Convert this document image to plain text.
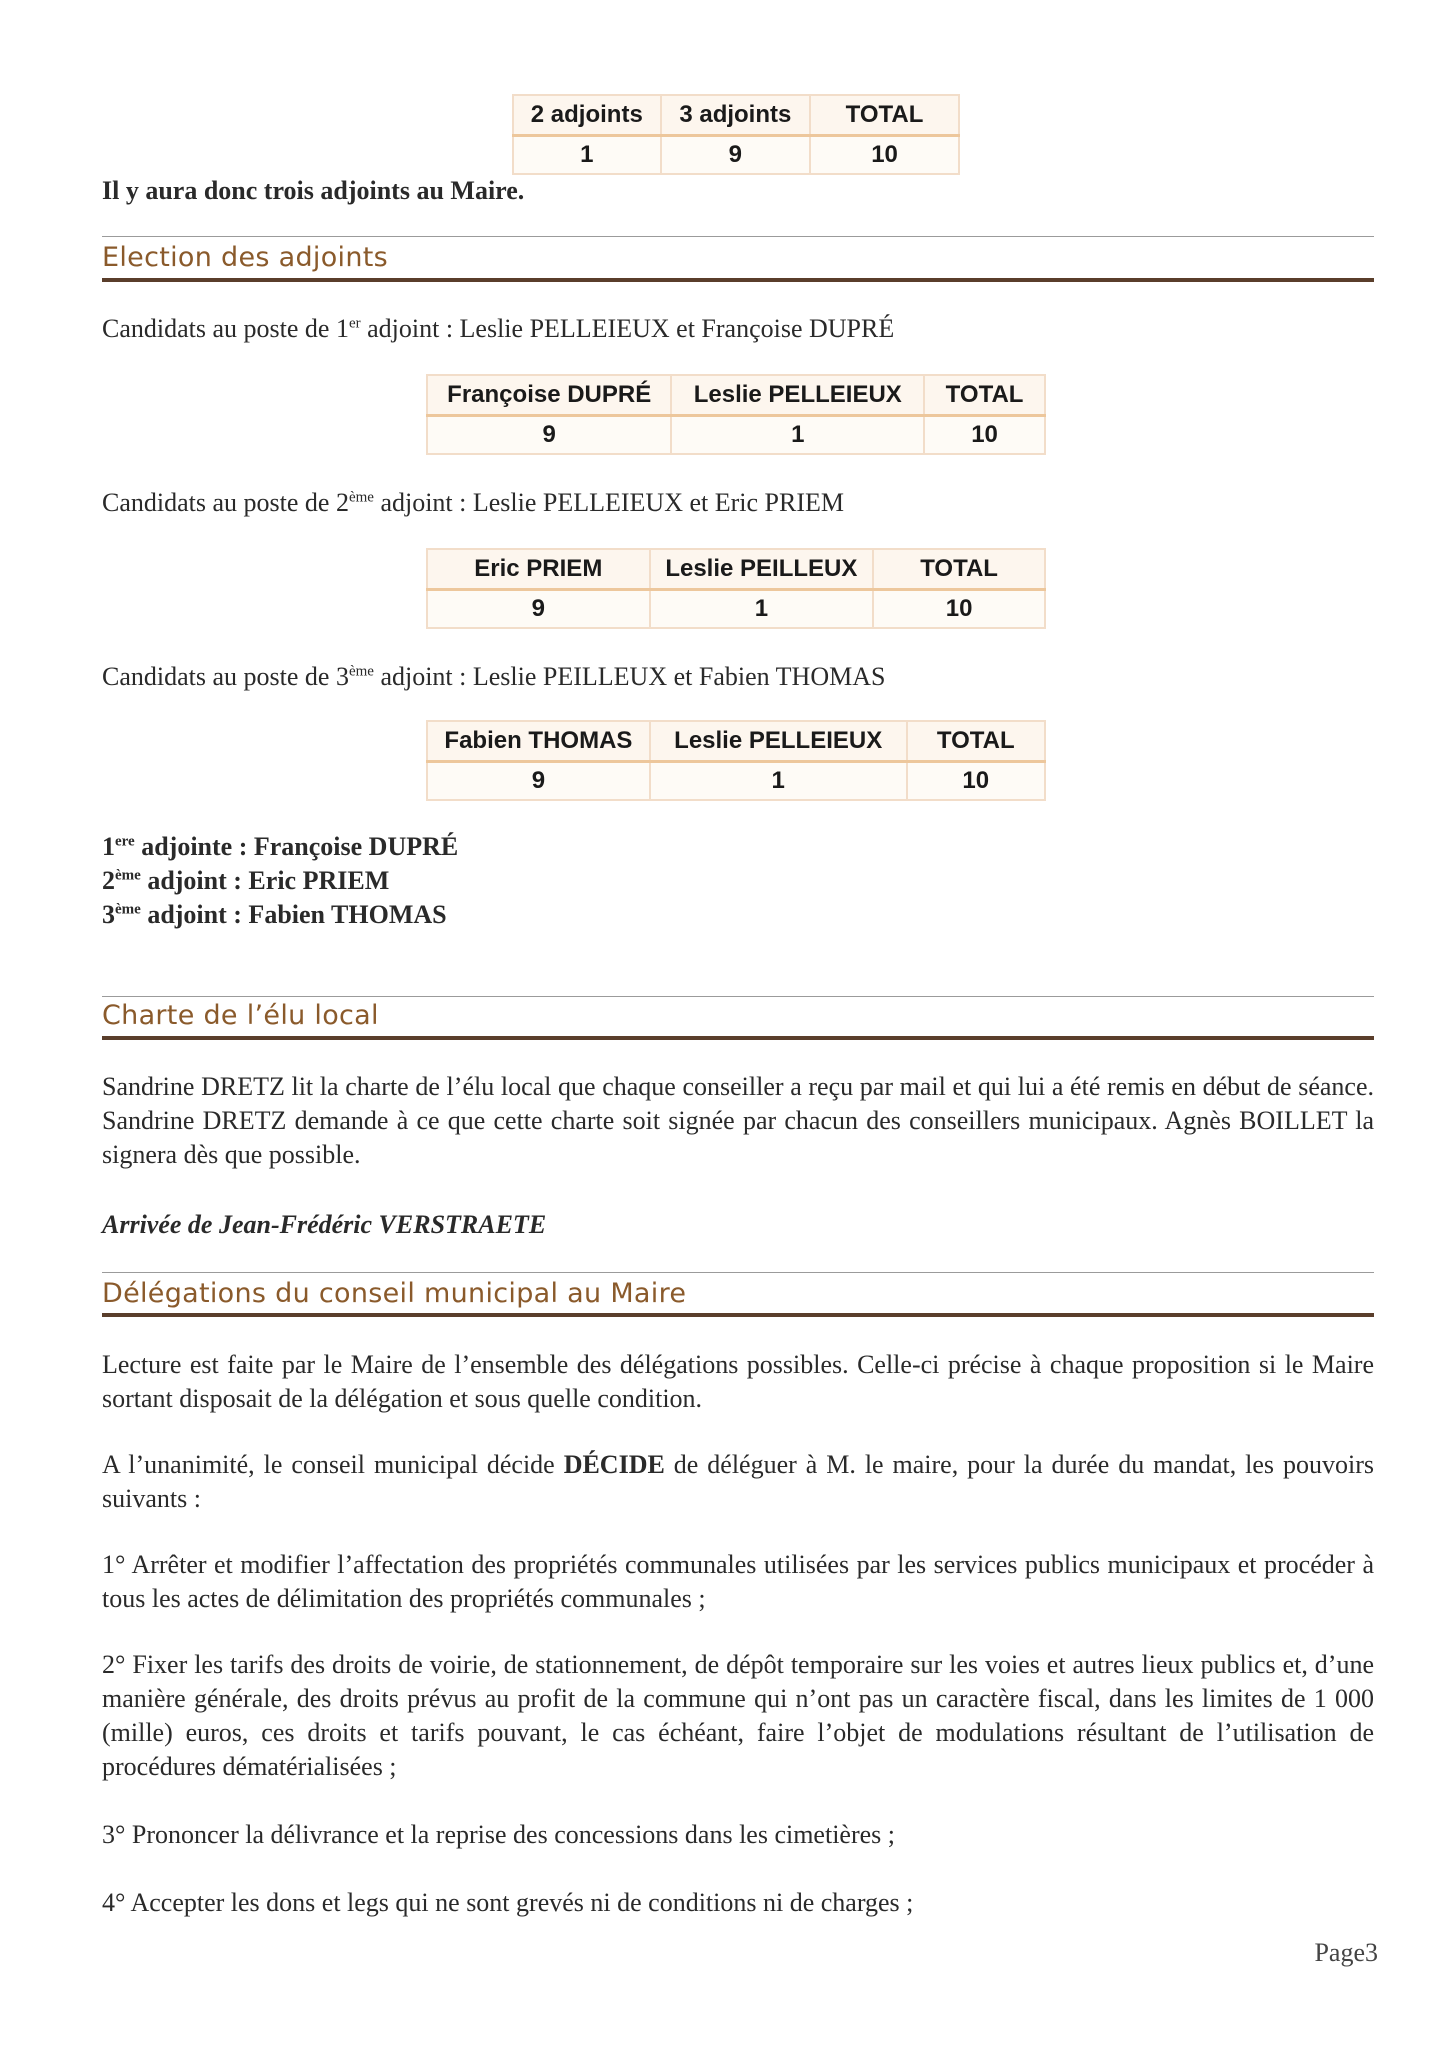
2 adjoints	3 adjoints	TOTAL
1	9	10
Il y aura donc trois adjoints au Maire.
Election des adjoints
Candidats au poste de 1er adjoint : Leslie PELLEIEUX et Françoise DUPRÉ
Françoise DUPRÉ	Leslie PELLEIEUX	TOTAL
9	1	10
Candidats au poste de 2ème adjoint : Leslie PELLEIEUX et Eric PRIEM
Eric PRIEM	Leslie PEILLEUX	TOTAL
9	1	10
Candidats au poste de 3ème adjoint : Leslie PEILLEUX et Fabien THOMAS
Fabien THOMAS	Leslie PELLEIEUX	TOTAL
9	1	10
1ere adjointe : Françoise DUPRÉ
2ème adjoint : Eric PRIEM
3ème adjoint : Fabien THOMAS
Charte de l’élu local
Sandrine DRETZ lit la charte de l’élu local que chaque conseiller a reçu par mail et qui lui a été remis en début de séance. Sandrine DRETZ demande à ce que cette charte soit signée par chacun des conseillers municipaux. Agnès BOILLET la signera dès que possible.
Arrivée de Jean-Frédéric VERSTRAETE
Délégations du conseil municipal au Maire
Lecture est faite par le Maire de l’ensemble des délégations possibles. Celle-ci précise à chaque proposition si le Maire sortant disposait de la délégation et sous quelle condition.
A l’unanimité, le conseil municipal décide DÉCIDE de déléguer à M. le maire, pour la durée du mandat, les pouvoirs suivants :
1° Arrêter et modifier l’affectation des propriétés communales utilisées par les services publics municipaux et procéder à tous les actes de délimitation des propriétés communales ;
2° Fixer les tarifs des droits de voirie, de stationnement, de dépôt temporaire sur les voies et autres lieux publics et, d’une manière générale, des droits prévus au profit de la commune qui n’ont pas un caractère fiscal, dans les limites de 1 000 (mille) euros, ces droits et tarifs pouvant, le cas échéant, faire l’objet de modulations résultant de l’utilisation de procédures dématérialisées ;
3° Prononcer la délivrance et la reprise des concessions dans les cimetières ;
4° Accepter les dons et legs qui ne sont grevés ni de conditions ni de charges ;
Page3
